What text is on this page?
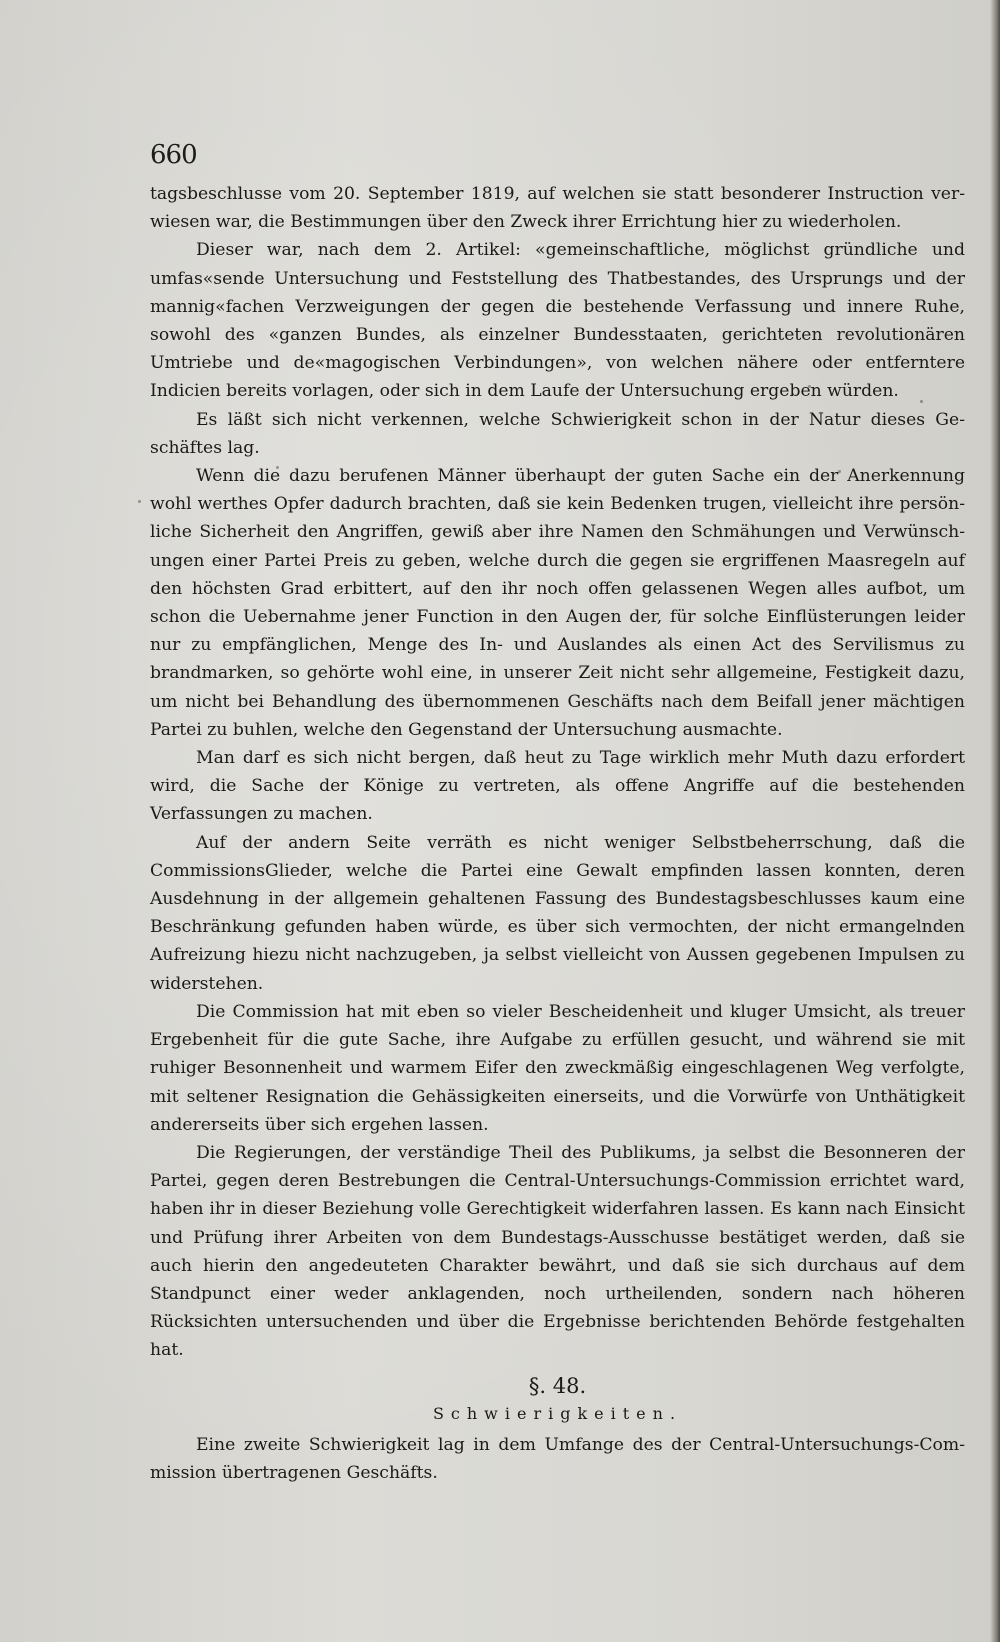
660

tagsbeschlusse vom 20. September 1819, auf welchen sie statt besonderer Instruction verwiesen war, die Bestimmungen über den Zweck ihrer Errichtung hier zu wiederholen.

Dieser war, nach dem 2. Artikel: «gemeinschaftliche, möglichst gründliche und umfas«sende Untersuchung und Feststellung des Thatbestandes, des Ursprungs und der mannig«fachen Verzweigungen der gegen die bestehende Verfassung und innere Ruhe, sowohl des «ganzen Bundes, als einzelner Bundesstaaten, gerichteten revolutionären Umtriebe und de«magogischen Verbindungen», von welchen nähere oder entferntere Indicien bereits vorlagen, oder sich in dem Laufe der Untersuchung ergeben würden.

Es läßt sich nicht verkennen, welche Schwierigkeit schon in der Natur dieses Geschäftes lag.

Wenn die dazu berufenen Männer überhaupt der guten Sache ein der Anerkennung wohl werthes Opfer dadurch brachten, daß sie kein Bedenken trugen, vielleicht ihre persönliche Sicherheit den Angriffen, gewiß aber ihre Namen den Schmähungen und Verwünschungen einer Partei Preis zu geben, welche durch die gegen sie ergriffenen Maasregeln auf den höchsten Grad erbittert, auf den ihr noch offen gelassenen Wegen alles aufbot, um schon die Uebernahme jener Function in den Augen der, für solche Einflüsterungen leider nur zu empfänglichen, Menge des In- und Auslandes als einen Act des Servilismus zu brandmarken, so gehörte wohl eine, in unserer Zeit nicht sehr allgemeine, Festigkeit dazu, um nicht bei Behandlung des übernommenen Geschäfts nach dem Beifall jener mächtigen Partei zu buhlen, welche den Gegenstand der Untersuchung ausmachte.

Man darf es sich nicht bergen, daß heut zu Tage wirklich mehr Muth dazu erfordert wird, die Sache der Könige zu vertreten, als offene Angriffe auf die bestehenden Verfassungen zu machen.

Auf der andern Seite verräth es nicht weniger Selbstbeherrschung, daß die CommissionsGlieder, welche die Partei eine Gewalt empfinden lassen konnten, deren Ausdehnung in der allgemein gehaltenen Fassung des Bundestagsbeschlusses kaum eine Beschränkung gefunden haben würde, es über sich vermochten, der nicht ermangelnden Aufreizung hiezu nicht nachzugeben, ja selbst vielleicht von Aussen gegebenen Impulsen zu widerstehen.

Die Commission hat mit eben so vieler Bescheidenheit und kluger Umsicht, als treuer Ergebenheit für die gute Sache, ihre Aufgabe zu erfüllen gesucht, und während sie mit ruhiger Besonnenheit und warmem Eifer den zweckmäßig eingeschlagenen Weg verfolgte, mit seltener Resignation die Gehässigkeiten einerseits, und die Vorwürfe von Unthätigkeit andererseits über sich ergehen lassen.

Die Regierungen, der verständige Theil des Publikums, ja selbst die Besonneren der Partei, gegen deren Bestrebungen die Central-Untersuchungs-Commission errichtet ward, haben ihr in dieser Beziehung volle Gerechtigkeit widerfahren lassen. Es kann nach Einsicht und Prüfung ihrer Arbeiten von dem Bundestags-Ausschusse bestätiget werden, daß sie auch hierin den angedeuteten Charakter bewährt, und daß sie sich durchaus auf dem Standpunct einer weder anklagenden, noch urtheilenden, sondern nach höheren Rücksichten untersuchenden und über die Ergebnisse berichtenden Behörde festgehalten hat.

§. 48.
Schwierigkeiten.

Eine zweite Schwierigkeit lag in dem Umfange des der Central-Untersuchungs-Commission übertragenen Geschäfts.
